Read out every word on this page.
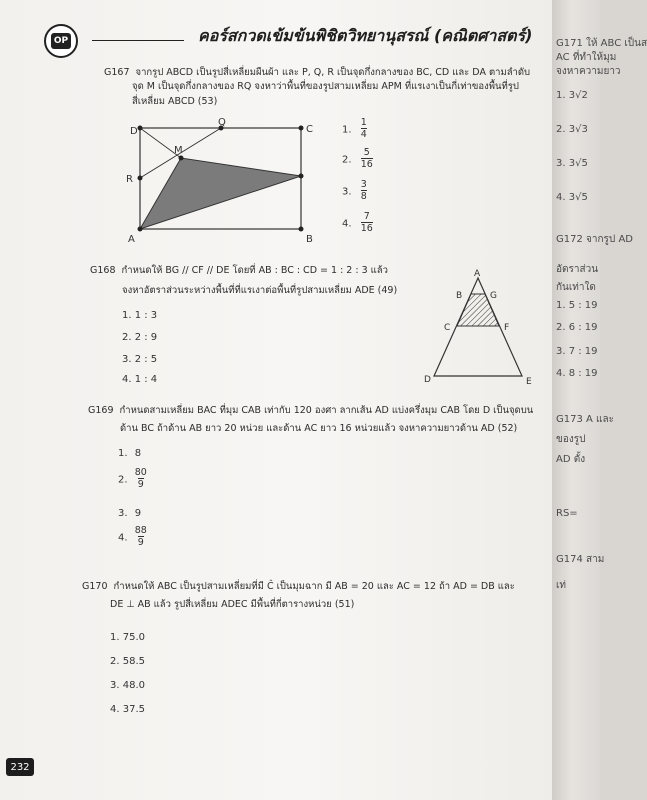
OP	คอร์สกวดเข้มข้นพิชิตวิทยานุสรณ์ (คณิตศาสตร์)
G167 จากรูป ABCD เป็นรูปสี่เหลี่ยมผืนผ้า และ P, Q, R เป็นจุดกึ่งกลางของ BC, CD และ DA ตามลำดับ
จุด M เป็นจุดกึ่งกลางของ RQ จงหาว่าพื้นที่ของรูปสามเหลี่ยม APM ที่แรเงาเป็นกี่เท่าของพื้นที่รูป
สี่เหลี่ยม ABCD (53)
A	B
C
D
Q
M
R
1. $\frac{1}{4}$
2. $\frac{5}{16}$
3. $\frac{3}{8}$
4. $\frac{7}{16}$
G168 กำหนดให้ BG // CF // DE โดยที่ AB : BC : CD = 1 : 2 : 3 แล้ว
จงหาอัตราส่วนระหว่างพื้นที่ที่แรเงาต่อพื้นที่รูปสามเหลี่ยม ADE (49)
1. 1 : 3
2. 2 : 9
3. 2 : 5
4. 1 : 4
A
B	G
C	F
D	E
G169 กำหนดสามเหลี่ยม BAC ที่มุม CAB เท่ากับ 120 องศา ลากเส้น AD แบ่งครึ่งมุม CAB โดย D เป็นจุดบน
ด้าน BC ถ้าด้าน AB ยาว 20 หน่วย และด้าน AC ยาว 16 หน่วยแล้ว จงหาความยาวด้าน AD (52)
1. 8
2. $\frac{80}{9}$
3. 9
4. $\frac{88}{9}$
G170 กำหนดให้ ABC เป็นรูปสามเหลี่ยมที่มี Ĉ เป็นมุมฉาก มี AB = 20 และ AC = 12 ถ้า AD = DB และ
DE ⊥ AB แล้ว รูปสี่เหลี่ยม ADEC มีพื้นที่กี่ตารางหน่วย (51)
1. 75.0
2. 58.5
3. 48.0
4. 37.5
232
G171 ให้ ABC เป็นส
AC ที่ทำให้มุม
จงหาความยาว
1. 3√2
2. 3√3
3. 3√5
4. 3√5
G172 จากรูป AD
อัตราส่วน
กันเท่าใด
1. 5 : 19
2. 6 : 19
3. 7 : 19
4. 8 : 19
G173 A และ
ของรูป
AD ตั้ง
RS=
G174 สาม
เท่
